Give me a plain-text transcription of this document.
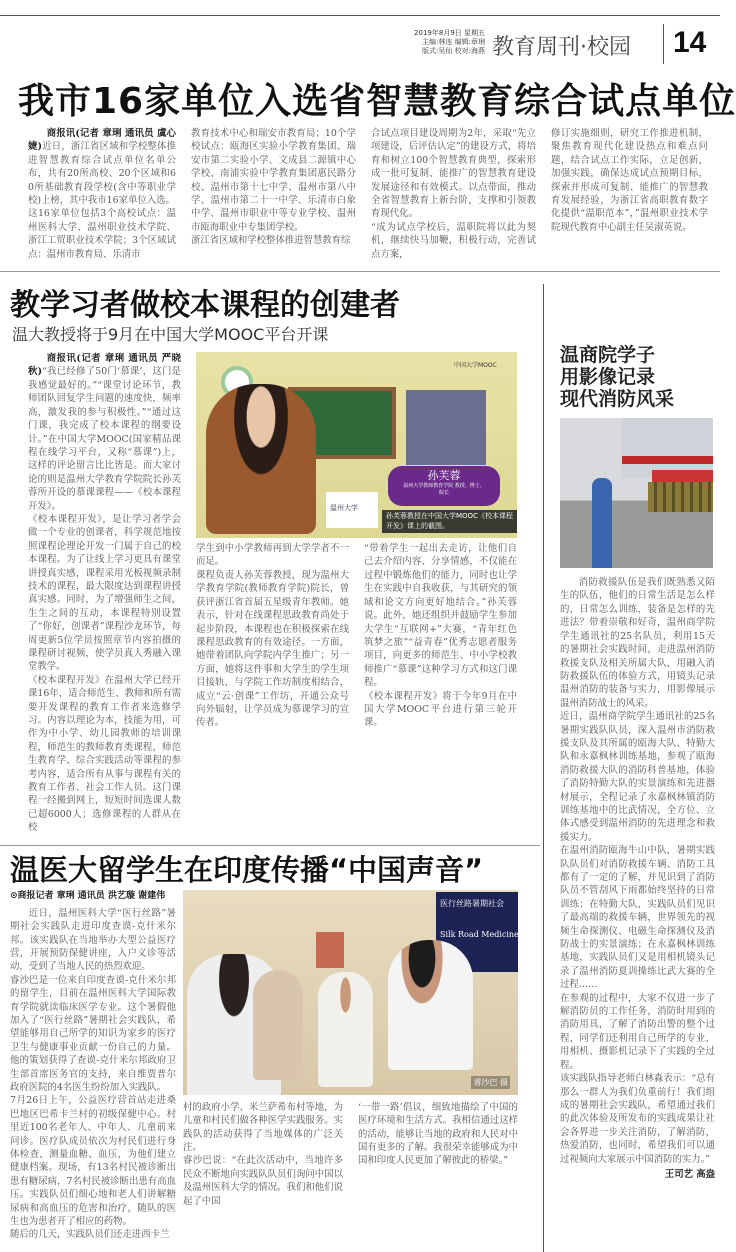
2019年8月9日 星期五
主编:林连 编辑:章琍
版式:吴仙 校对:海燕 教育周刊·校园 14
我市16家单位入选省智慧教育综合试点单位

商报讯(记者 章琍 通讯员 虞心婕)近日，浙江省区域和学校整体推进智慧教育综合试点单位名单公布，共有20所高校、20个区域和60所基础教育段学校(含中等职业学校)上榜，其中我市16家单位入选。
这16家单位包括3个高校试点：温州医科大学、温州职业技术学院、浙江工贸职业技术学院；3个区域试点：温州市教育局、乐清市

教育技术中心和瑞安市教育局；10个学校试点：瓯海区实验小学教育集团、瑞安市第二实验小学、文成县二源镇中心学校、南浦实验中学教育集团惠民路分校、温州市第十七中学、温州市第八中学、温州市第二十一中学、乐清市白象中学、温州市职业中等专业学校、温州市瓯海职业中专集团学校。
浙江省区域和学校整体推进智慧教育综
合试点项目建设周期为2年，采取“先立项建设，后评估认定”的建设方式，将培育和树立100个智慧教育典型，探索形成一批可复制、能推广的智慧教育建设发展途径和有效模式。以点带面，推动全省智慧教育上新台阶，支撑和引领教育现代化。
“成为试点学校后，温职院将以此为契机，继续快马加鞭，积极行动，完善试点方案，
修订实施细则，研究工作推进机制，聚焦教育现代化建设热点和难点问题，结合试点工作实际，立足创新，加强实践，确保达成试点预期目标，探索并形成可复制、能推广的智慧教育发展经验，为浙江省高职教育数字化提供“温职范本”，”温州职业技术学院现代教育中心副主任吴淑英说。
教学习者做校本课程的创建者
温大教授将于9月在中国大学MOOC平台开课

商报讯(记者 章琍 通讯员 严晓秋)“我已经修了50门‘慕课’，这门是我感觉最好的。”“课堂讨论环节，教师团队回复学生问题的速度快，频率高，激发我的参与积极性。”“通过这门课，我完成了校本课程的纲要设计。”在中国大学MOOC(国家精品课程在线学习平台，又称“慕课”)上，这样的评论留言比比皆是。而大家讨论的则是温州大学教育学院院长孙芙蓉所开设的慕课课程——《校本课程开发》。
《校本课程开发》，是让学习者学会做一个专业的创课者，科学规范地按照课程论理论开发一门属于自己的校本课程。为了让线上学习更具有课堂讲授真实感，课程采用光板视频录制技术的课程，最大限度达到课程讲授真实感。同时，为了增强师生之间，生生之间的互动，本课程特别设置了“你好，创课者”课程沙龙环节，每周更新5位学员按照章节内容拍摄的课程研讨视频，使学员真人秀融入课堂教学。
《校本课程开发》在温州大学已经开课16年，适合师范生、教师和所有需要开发课程的教育工作者来选修学习。内容以理论为本，技能为用，可作为中小学、幼儿园教师的培训课程，师范生的教师教育类课程，师范生教育学、综合实践活动等课程的参考内容，适合所有从事与课程有关的教育工作者、社会工作人员。这门课程一经搬到网上，短短时间选课人数已超6000人；选修课程的人群从在校

中国大学MOOC
温州大学
孙芙蓉
温州大学教师教育学院 教授、博士、院长
孙芙蓉教授在中国大学MOOC《校本课程开发》课上的截图。
学生到中小学教师再到大学学者不一而足。
课程负责人孙芙蓉教授，现为温州大学教育学院(教师教育学院)院长，曾获评浙江省首届五星级青年教师。她表示，针对在线课程思政教育尚处于起步阶段，本课程也在积极探索在线课程思政教育的有效途径。一方面，她带着团队向学院内学生推广；另一方面，她将这件事和大学生的学生项目接轨，与学院工作坊制度相结合，成立“云·创课”工作坊，开通公众号向外辐射，让学员成为慕课学习的宣传者。
“带着学生一起出去走访，让他们自己去介绍内容、分享情感，不仅能在过程中锻炼他们的能力，同时也让学生在实践中自我收获，与其研究的领域和论文方向更好地结合。”孙芙蓉说。此外，她还组织并鼓励学生参加大学生“互联网+”大赛，“青年红色筑梦之旅”“益青春”优秀志愿者服务项目，向更多的师范生、中小学校教师推广“慕课”这种学习方式和这门课程。
《校本课程开发》将于今年9月在中国大学MOOC平台进行第三轮开课。
温医大留学生在印度传播“中国声音”
⊙商报记者 章琍 通讯员 洪艺璇 谢建伟
近日，温州医科大学“医行丝路”暑期社会实践队走进印度查谟-克什米尔邦。该实践队在当地举办大型公益医疗营，开展预防保健讲座，入户义诊等活动，受到了当地人民的热烈欢迎。
睿沙巴是一位来自印度查谟-克什米尔邦的留学生，目前在温州医科大学国际教育学院就读临床医学专业。这个暑假他加入了“医行丝路”暑期社会实践队，希望能够用自己所学的知识为家乡的医疗卫生与健康事业贡献一份自己的力量。他的策划获得了查谟-克什米尔邦政府卫生部首席医务官的支持，来自维贾普尔政府医院的4名医生纷纷加入实践队。
7月26日上午，公益医疗营首站走进桑巴地区巴希卡兰村的初级保健中心。村里近100名老年人、中年人、儿童前来问诊。医疗队成员依次为村民们进行身体检查，测量血糖、血压，为他们建立健康档案。现场，有13名村民被诊断出患有糖尿病，7名村民被诊断出患有高血压。实践队员们细心地和老人们讲解糖尿病和高血压的危害和治疗，随队的医生也为患者开了相应的药物。
随后的几天，实践队员们还走进西卡兰
医行丝路暑期社会
Silk Road Medicine Prac
睿沙巴 摄
村的政府小学、米兰萨希布村等地，为儿童和村民们做各种医学实践服务。实践队的活动获得了当地媒体的广泛关注。
睿沙巴说：“在此次活动中，当地许多民众不断地向实践队队员们询问中国以及温州医科大学的情况。我们和他们说起了中国
‘一带一路’倡议，细致地描绘了中国的医疗环境和生活方式。我相信通过这样的活动，能够让当地的政府和人民对中国有更多的了解。我很荣幸能够成为中国和印度人民更加了解彼此的桥梁。”
温商院学子
用影像记录
现代消防风采
消防救援队伍是我们既熟悉又陌生的队伍，他们的日常生活是怎么样的，日常怎么训练，装备是怎样的先进法？带着崇敬和好奇，温州商学院学生通讯社的25名队员，利用15天的暑期社会实践时间，走进温州消防救援支队及相关所属大队，用融入消防救援队伍的体验方式，用镜头记录温州消防的装备与实力，用影像展示温州消防战士的风采。
近日，温州商学院学生通讯社的25名暑期实践队队员，深入温州市消防救援支队及其所属的瓯海大队、特勤大队和永嘉枫林训练基地，参观了瓯海消防救援大队的消防科普基地，体验了消防特勤大队的实景演练和先进器材展示，全程记录了永嘉枫林镇消防训练基地中的比武情况，全方位、立体式感受到温州消防的先进理念和救援实力。
在温州消防瓯海牛山中队，暑期实践队队员们对消防救援车辆、消防工具都有了一定的了解，并见识到了消防队员不管刮风下雨都始终坚持的日常训练；在特勤大队，实践队员们见识了最高端的救援车辆，世界领先的视频生命探测仪、电磁生命探测仪及消防战士的实景演练；在永嘉枫林训练基地，实践队员们又是用相机镜头记录了温州消防夏训操练比武大赛的全过程……
在参观的过程中，大家不仅进一步了解消防员的工作任务，消防时用到的消防用具，了解了消防出警的整个过程，同学们还利用自己所学的专业，用相机、摄影机记录下了实践的全过程。
该实践队指导老师白林淼表示：“总有那么一群人为我们负重前行！我们组成的暑期社会实践队，希望通过我们的此次体验及所发布的实践成果让社会各界进一步关注消防，了解消防，热爱消防，也同时，希望我们可以通过视频向大家展示中国消防的实力。”
王司艺 高盎
